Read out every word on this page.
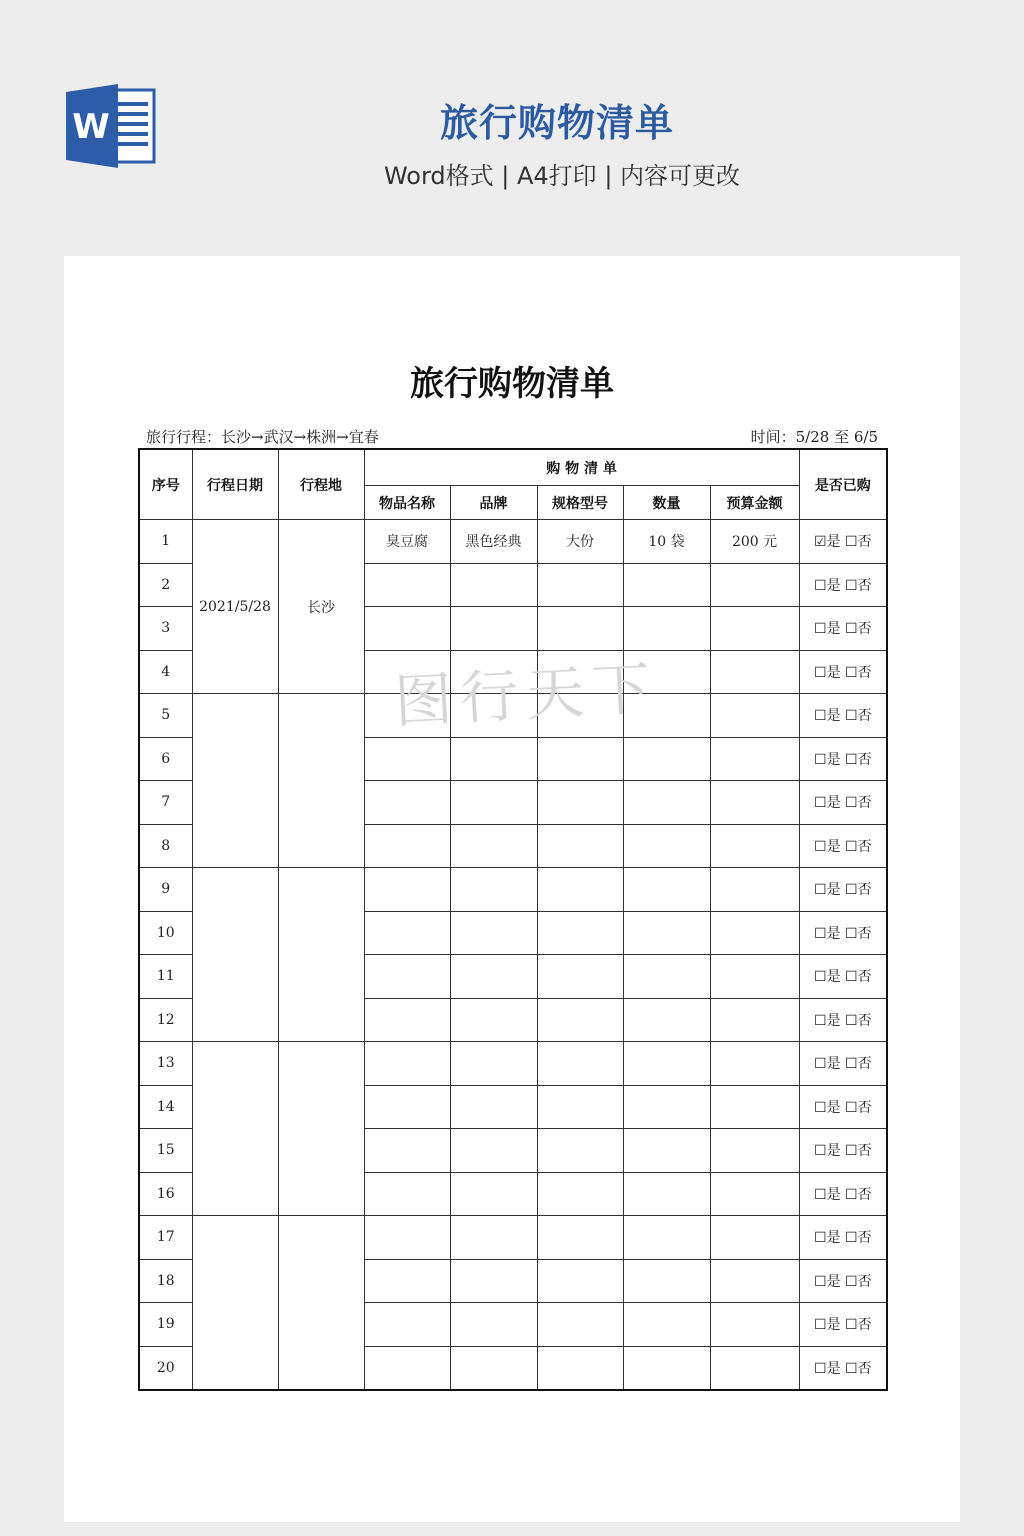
W	旅行购物清单
Word格式 | A4打印 | 内容可更改
旅行购物清单
旅行行程：长沙→武汉→株洲→宜春	时间：5/28 至 6/5
序号	行程日期	行程地	购 物 清 单					是否已购
			物品名称	品牌	规格型号	数量	预算金额	
1	2021/5/28	长沙	臭豆腐	黑色经典	大份	10 袋	200 元	☑是 ☐否
2								☐是 ☐否
3								☐是 ☐否
4								☐是 ☐否
5								☐是 ☐否
6								☐是 ☐否
7								☐是 ☐否
8								☐是 ☐否
9								☐是 ☐否
10								☐是 ☐否
11								☐是 ☐否
12								☐是 ☐否
13								☐是 ☐否
14								☐是 ☐否
15								☐是 ☐否
16								☐是 ☐否
17								☐是 ☐否
18								☐是 ☐否
19								☐是 ☐否
20								☐是 ☐否
图行天下
